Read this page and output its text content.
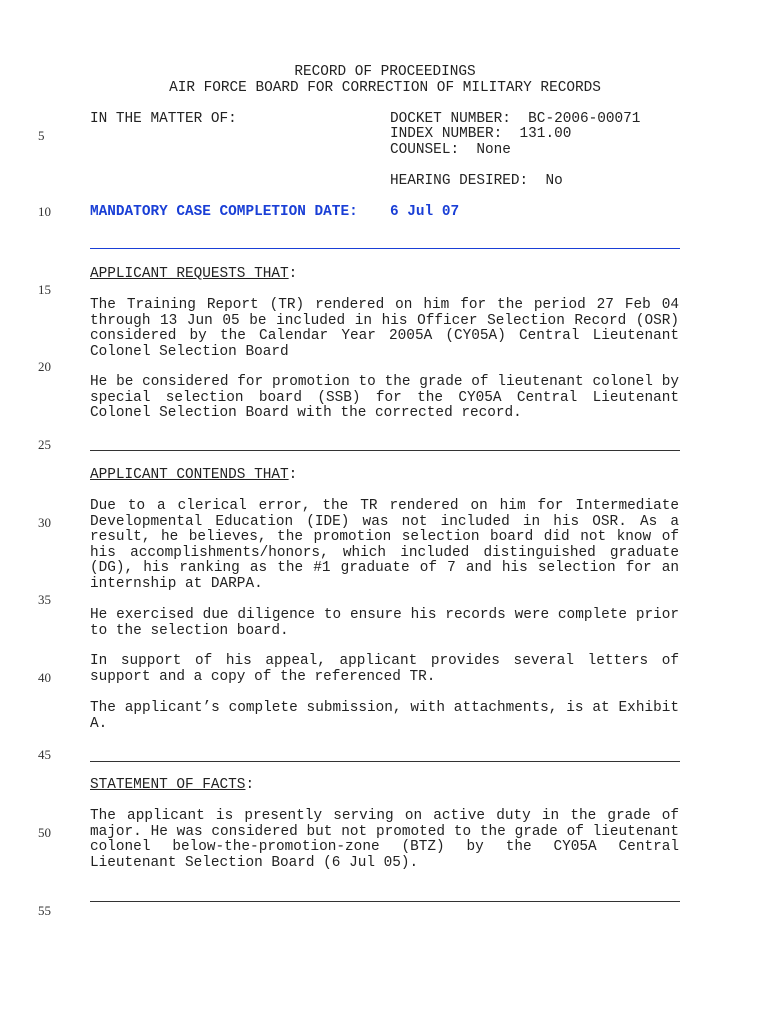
5
10
15
20
25
30
35
40
45
50
55
RECORD OF PROCEEDINGS
AIR FORCE BOARD FOR CORRECTION OF MILITARY RECORDS
IN THE MATTER OF:	DOCKET NUMBER:  BC-2006-00071
INDEX NUMBER:  131.00
COUNSEL:  None
HEARING DESIRED:  No
MANDATORY CASE COMPLETION DATE: 6 Jul 07
APPLICANT REQUESTS THAT:
The Training Report (TR) rendered on him for the period 27 Feb 04 through 13 Jun 05 be included in his Officer Selection Record (OSR) considered by the Calendar Year 2005A (CY05A) Central Lieutenant Colonel Selection Board
He be considered for promotion to the grade of lieutenant colonel by special selection board (SSB) for the CY05A Central Lieutenant Colonel Selection Board with the corrected record.
APPLICANT CONTENDS THAT:
Due to a clerical error, the TR rendered on him for Intermediate Developmental Education (IDE) was not included in his OSR. As a result, he believes, the promotion selection board did not know of his accomplishments/honors, which included distinguished graduate (DG), his ranking as the #1 graduate of 7 and his selection for an internship at DARPA.
He exercised due diligence to ensure his records were complete prior to the selection board.
In support of his appeal, applicant provides several letters of support and a copy of the referenced TR.
The applicant’s complete submission, with attachments, is at Exhibit A.
STATEMENT OF FACTS:
The applicant is presently serving on active duty in the grade of major. He was considered but not promoted to the grade of lieutenant colonel below-the-promotion-zone (BTZ) by the CY05A Central Lieutenant Selection Board (6 Jul 05).
